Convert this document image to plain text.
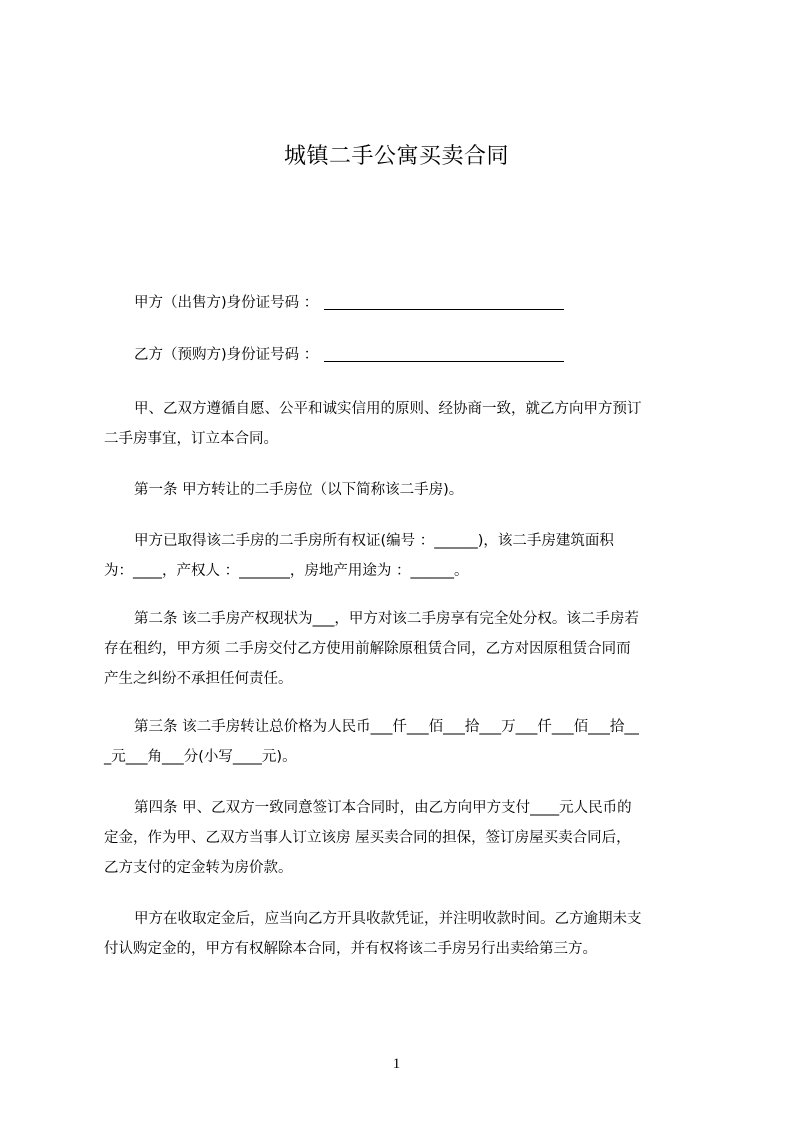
城镇二手公寓买卖合同
甲方（出售方)身份证号码 ：
乙方（预购方)身份证号码 ：
甲、乙双方遵循自愿、公平和诚实信用的原则、经协商一致，就乙方向甲方预订
二手房事宜，订立本合同。
第一条 甲方转让的二手房位（以下简称该二手房)。
甲方已取得该二手房的二手房所有权证(编号 ：______)，该二手房建筑面积
为：____，产权人 ：_______，房地产用途为 ：______。
第二条 该二手房产权现状为___，甲方对该二手房享有完全处分权。该二手房若
存在租约，甲方须 二手房交付乙方使用前解除原租赁合同，乙方对因原租赁合同而
产生之纠纷不承担任何责任。
第三条 该二手房转让总价格为人民币___仟___佰___拾___万___仟___佰___拾__
_元___角___分(小写____元)。
第四条 甲、乙双方一致同意签订本合同时，由乙方向甲方支付____元人民币的
定金，作为甲、乙双方当事人订立该房 屋买卖合同的担保，签订房屋买卖合同后，
乙方支付的定金转为房价款。
甲方在收取定金后，应当向乙方开具收款凭证，并注明收款时间。乙方逾期未支
付认购定金的，甲方有权解除本合同，并有权将该二手房另行出卖给第三方。
1
